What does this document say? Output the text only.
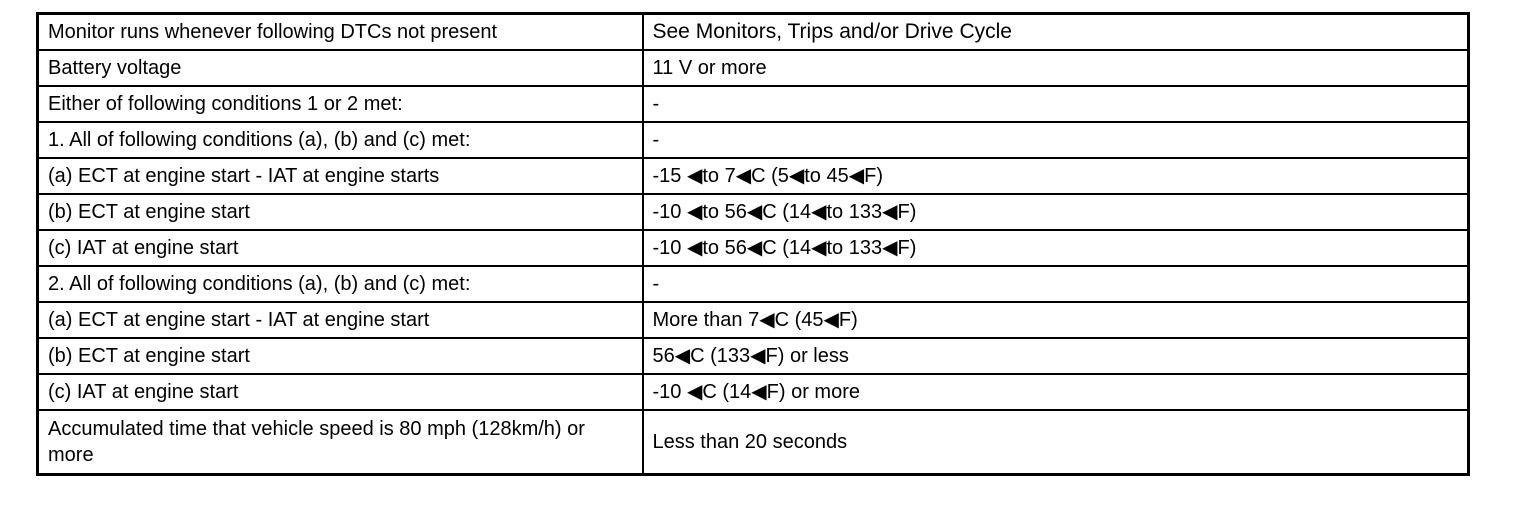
Monitor runs whenever following DTCs not present	See Monitors, Trips and/or Drive Cycle
Battery voltage	11 V or more
Either of following conditions 1 or 2 met:	-
1. All of following conditions (a), (b) and (c) met:	-
(a) ECT at engine start - IAT at engine starts	-15 ◀to 7◀C (5◀to 45◀F)
(b) ECT at engine start	-10 ◀to 56◀C (14◀to 133◀F)
(c) IAT at engine start	-10 ◀to 56◀C (14◀to 133◀F)
2. All of following conditions (a), (b) and (c) met:	-
(a) ECT at engine start - IAT at engine start	More than 7◀C (45◀F)
(b) ECT at engine start	56◀C (133◀F) or less
(c) IAT at engine start	-10 ◀C (14◀F) or more
Accumulated time that vehicle speed is 80 mph (128km/h) or more	Less than 20 seconds
